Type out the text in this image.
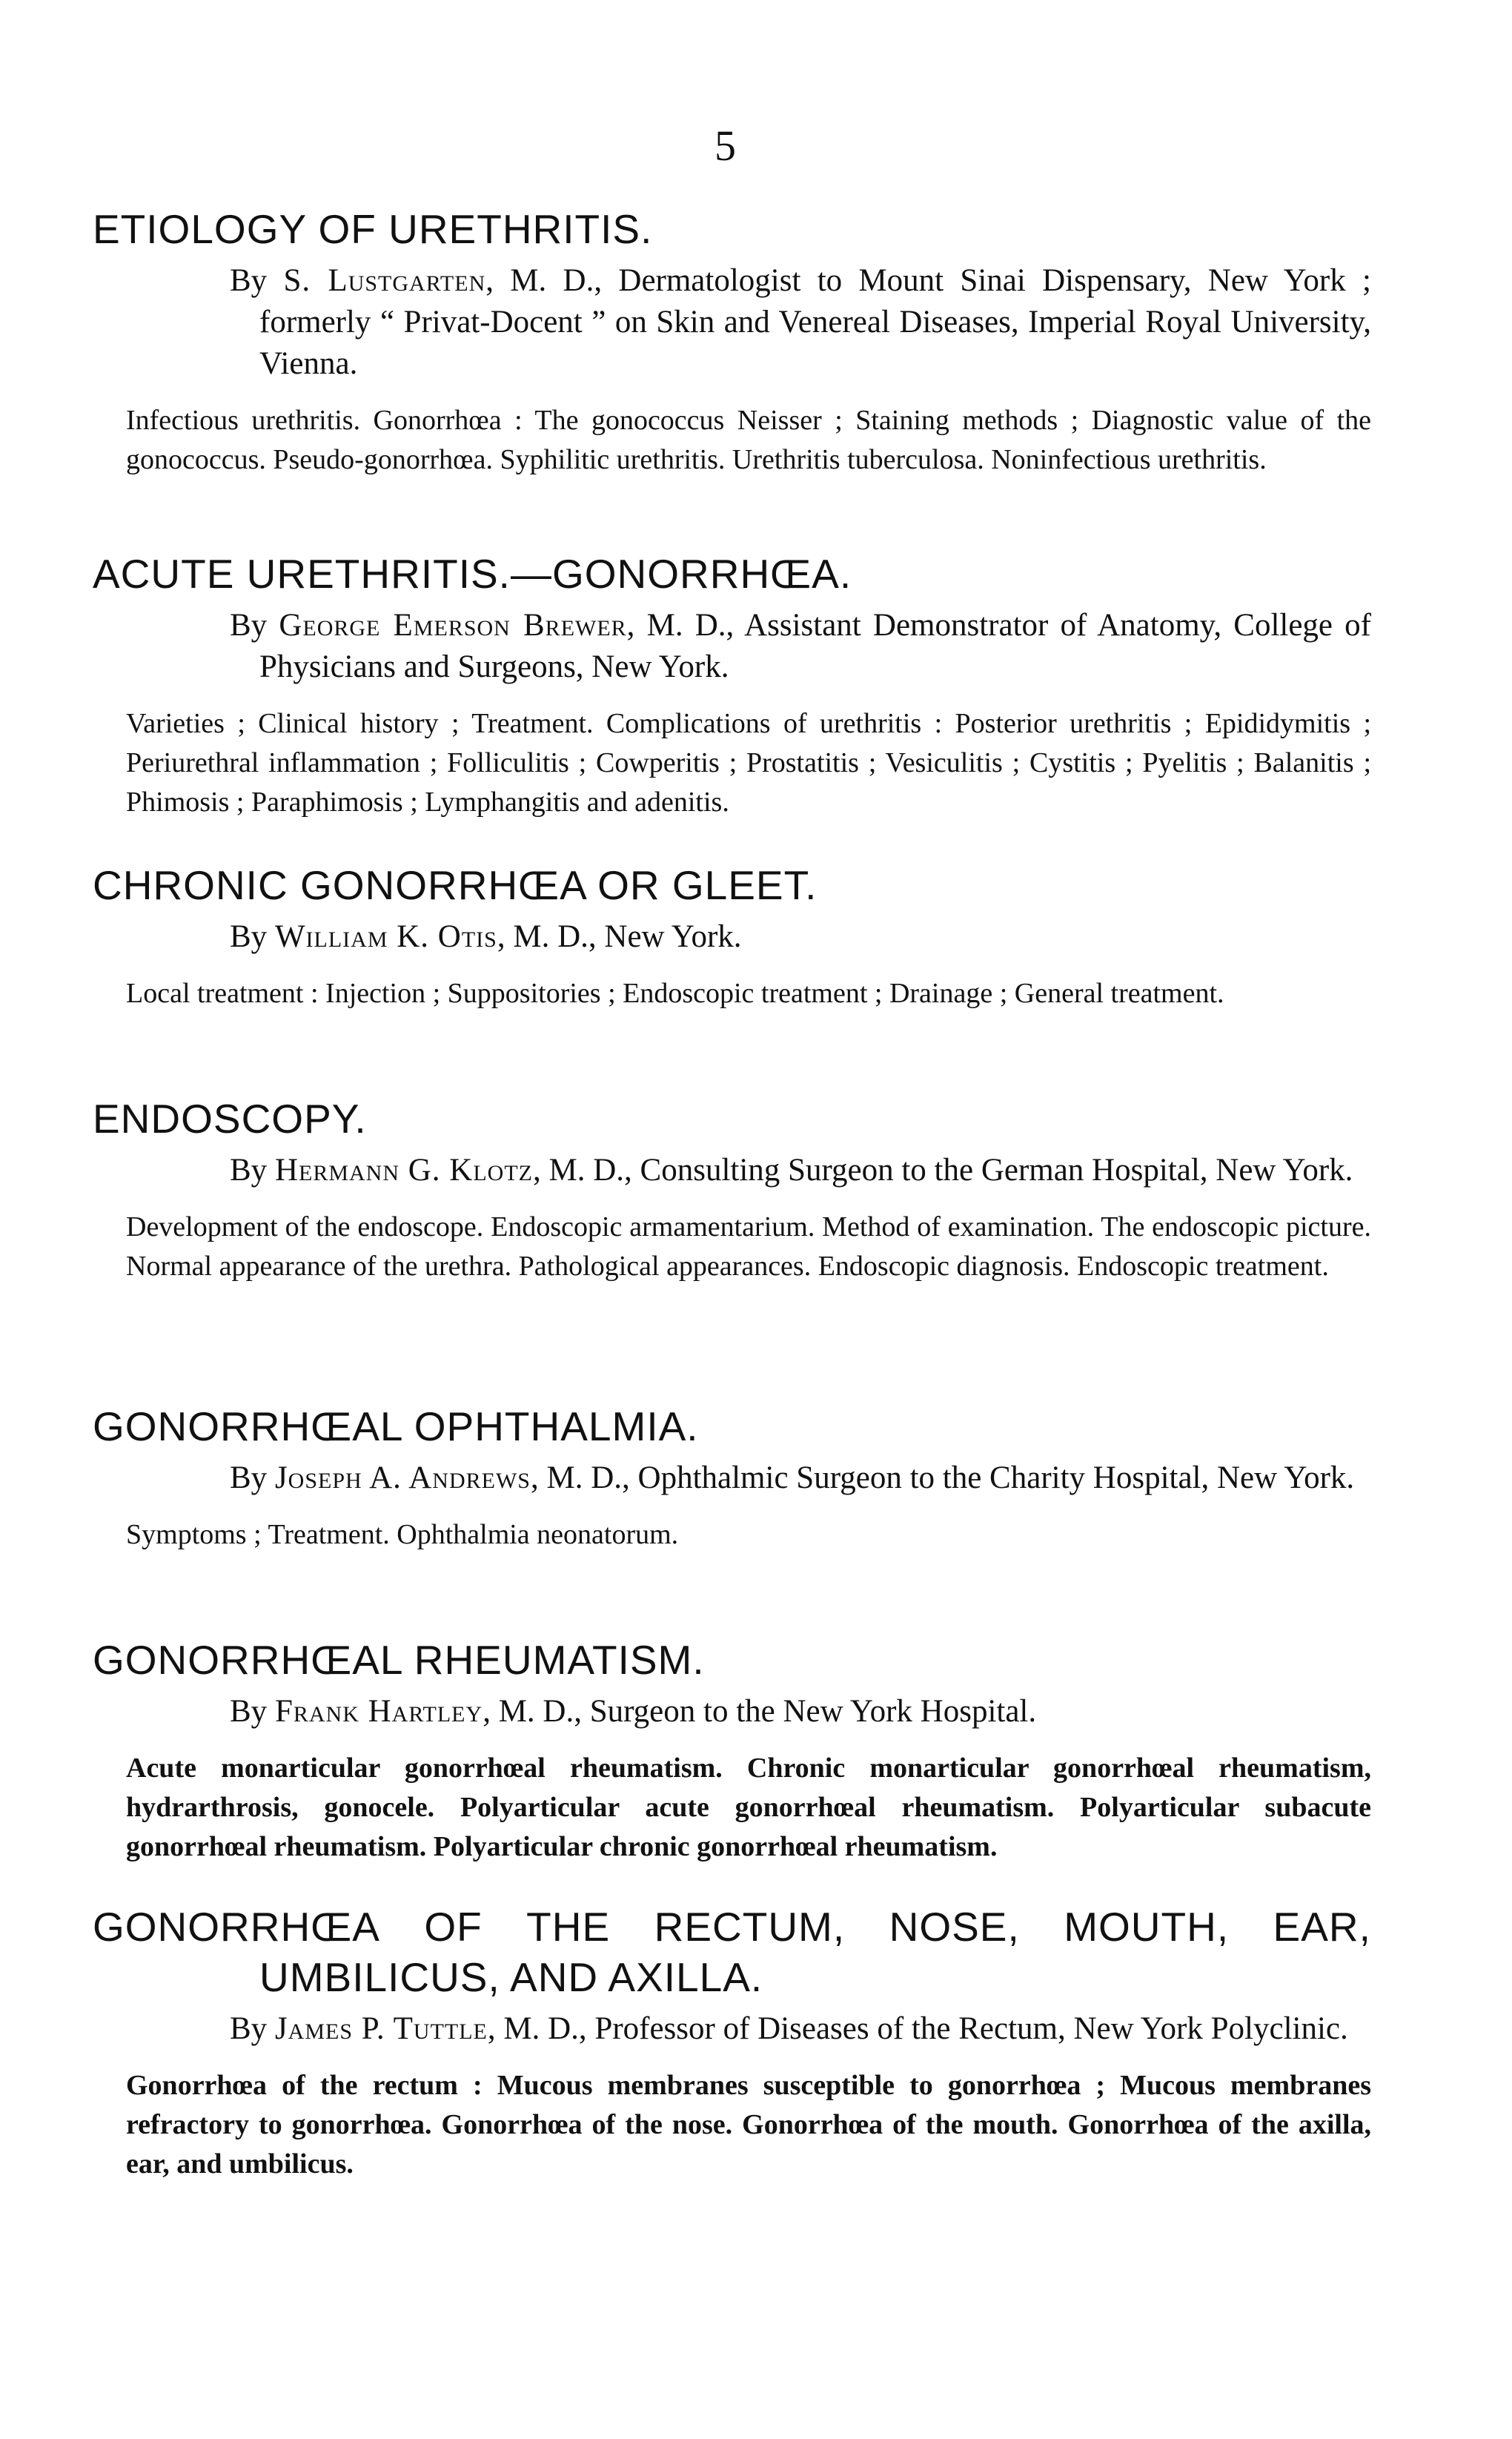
5
ETIOLOGY OF URETHRITIS.

By S. Lustgarten, M. D., Dermatologist to Mount Sinai Dispensary, New York ; formerly “ Privat-Docent ” on Skin and Venereal Diseases, Imperial Royal University, Vienna.

Infectious urethritis. Gonorrhœa : The gonococcus Neisser ; Staining methods ; Diagnostic value of the gonococcus. Pseudo-gonorrhœa. Syphilitic urethritis. Urethritis tuberculosa. Noninfectious urethritis.

ACUTE URETHRITIS.—GONORRHŒA.

By George Emerson Brewer, M. D., Assistant Demonstrator of Anatomy, College of Physicians and Surgeons, New York.

Varieties ; Clinical history ; Treatment. Complications of urethritis : Posterior urethritis ; Epididymitis ; Periurethral inflammation ; Folliculitis ; Cowperitis ; Prostatitis ; Vesiculitis ; Cystitis ; Pyelitis ; Balanitis ; Phimosis ; Paraphimosis ; Lymphangitis and adenitis.

CHRONIC GONORRHŒA OR GLEET.

By William K. Otis, M. D., New York.

Local treatment : Injection ; Suppositories ; Endoscopic treatment ; Drainage ; General treatment.

ENDOSCOPY.

By Hermann G. Klotz, M. D., Consulting Surgeon to the German Hospital, New York.

Development of the endoscope. Endoscopic armamentarium. Method of examination. The endoscopic picture. Normal appearance of the urethra. Pathological appearances. Endoscopic diagnosis. Endoscopic treatment.

GONORRHŒAL OPHTHALMIA.

By Joseph A. Andrews, M. D., Ophthalmic Surgeon to the Charity Hospital, New York.

Symptoms ; Treatment. Ophthalmia neonatorum.

GONORRHŒAL RHEUMATISM.

By Frank Hartley, M. D., Surgeon to the New York Hospital.

Acute monarticular gonorrhœal rheumatism. Chronic monarticular gonorrhœal rheumatism, hydrarthrosis, gonocele. Polyarticular acute gonorrhœal rheumatism. Polyarticular subacute gonorrhœal rheumatism. Polyarticular chronic gonorrhœal rheumatism.

GONORRHŒA OF THE RECTUM, NOSE, MOUTH, EAR,
UMBILICUS, AND AXILLA.

By James P. Tuttle, M. D., Professor of Diseases of the Rectum, New York Polyclinic.

Gonorrhœa of the rectum : Mucous membranes susceptible to gonorrhœa ; Mucous membranes refractory to gonorrhœa. Gonorrhœa of the nose. Gonorrhœa of the mouth. Gonorrhœa of the axilla, ear, and umbilicus.
